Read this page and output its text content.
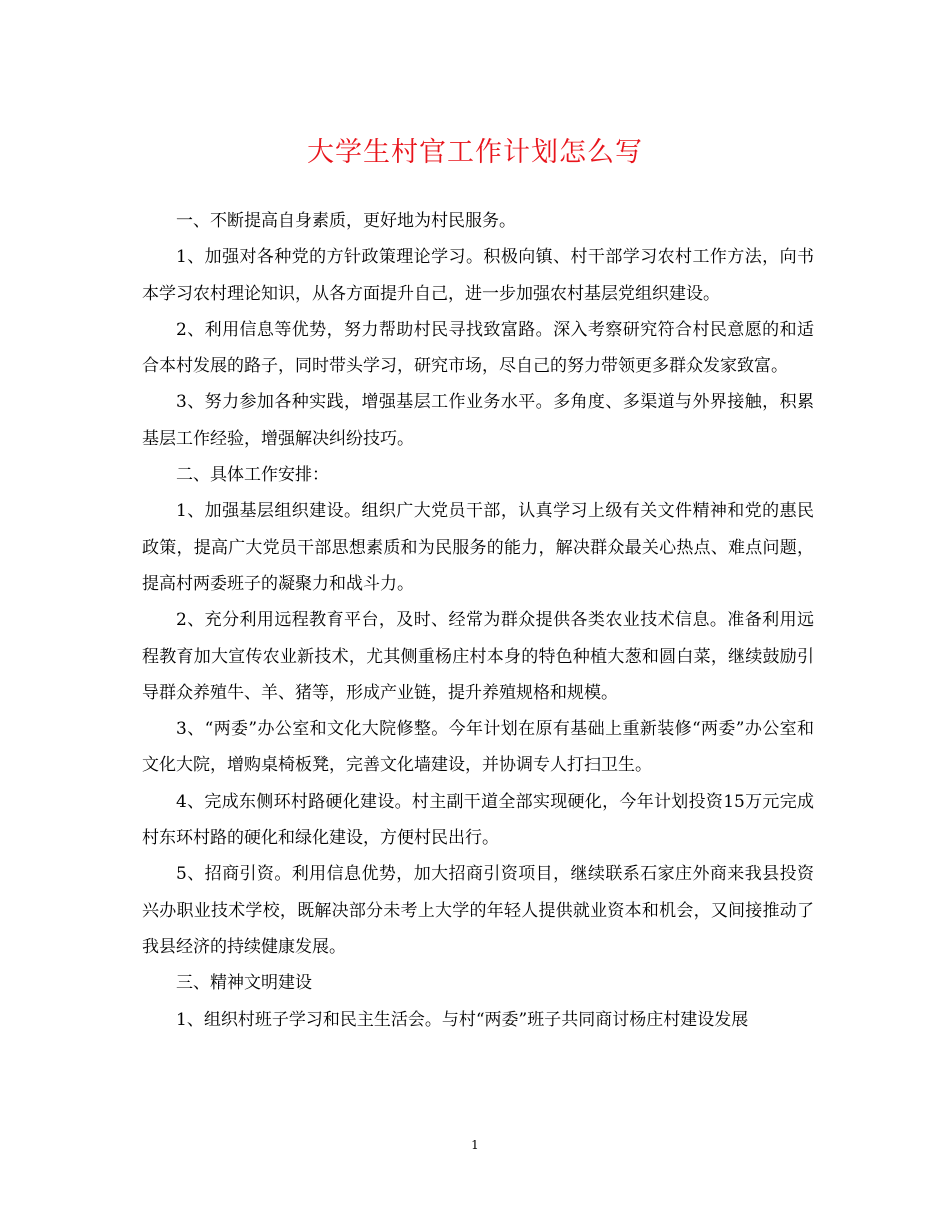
大学生村官工作计划怎么写

一、不断提高自身素质，更好地为村民服务。

1、加强对各种党的方针政策理论学习。积极向镇、村干部学习农村工作方法，向书本学习农村理论知识，从各方面提升自己，进一步加强农村基层党组织建设。

2、利用信息等优势，努力帮助村民寻找致富路。深入考察研究符合村民意愿的和适合本村发展的路子，同时带头学习，研究市场，尽自己的努力带领更多群众发家致富。

3、努力参加各种实践，增强基层工作业务水平。多角度、多渠道与外界接触，积累基层工作经验，增强解决纠纷技巧。

二、具体工作安排：

1、加强基层组织建设。组织广大党员干部，认真学习上级有关文件精神和党的惠民政策，提高广大党员干部思想素质和为民服务的能力，解决群众最关心热点、难点问题，提高村两委班子的凝聚力和战斗力。

2、充分利用远程教育平台，及时、经常为群众提供各类农业技术信息。准备利用远程教育加大宣传农业新技术，尤其侧重杨庄村本身的特色种植大葱和圆白菜，继续鼓励引导群众养殖牛、羊、猪等，形成产业链，提升养殖规格和规模。

3、“两委”办公室和文化大院修整。今年计划在原有基础上重新装修“两委”办公室和文化大院，增购桌椅板凳，完善文化墙建设，并协调专人打扫卫生。

4、完成东侧环村路硬化建设。村主副干道全部实现硬化，今年计划投资15万元完成村东环村路的硬化和绿化建设，方便村民出行。

5、招商引资。利用信息优势，加大招商引资项目，继续联系石家庄外商来我县投资兴办职业技术学校，既解决部分未考上大学的年轻人提供就业资本和机会，又间接推动了我县经济的持续健康发展。

三、精神文明建设

1、组织村班子学习和民主生活会。与村“两委”班子共同商讨杨庄村建设发展

1
